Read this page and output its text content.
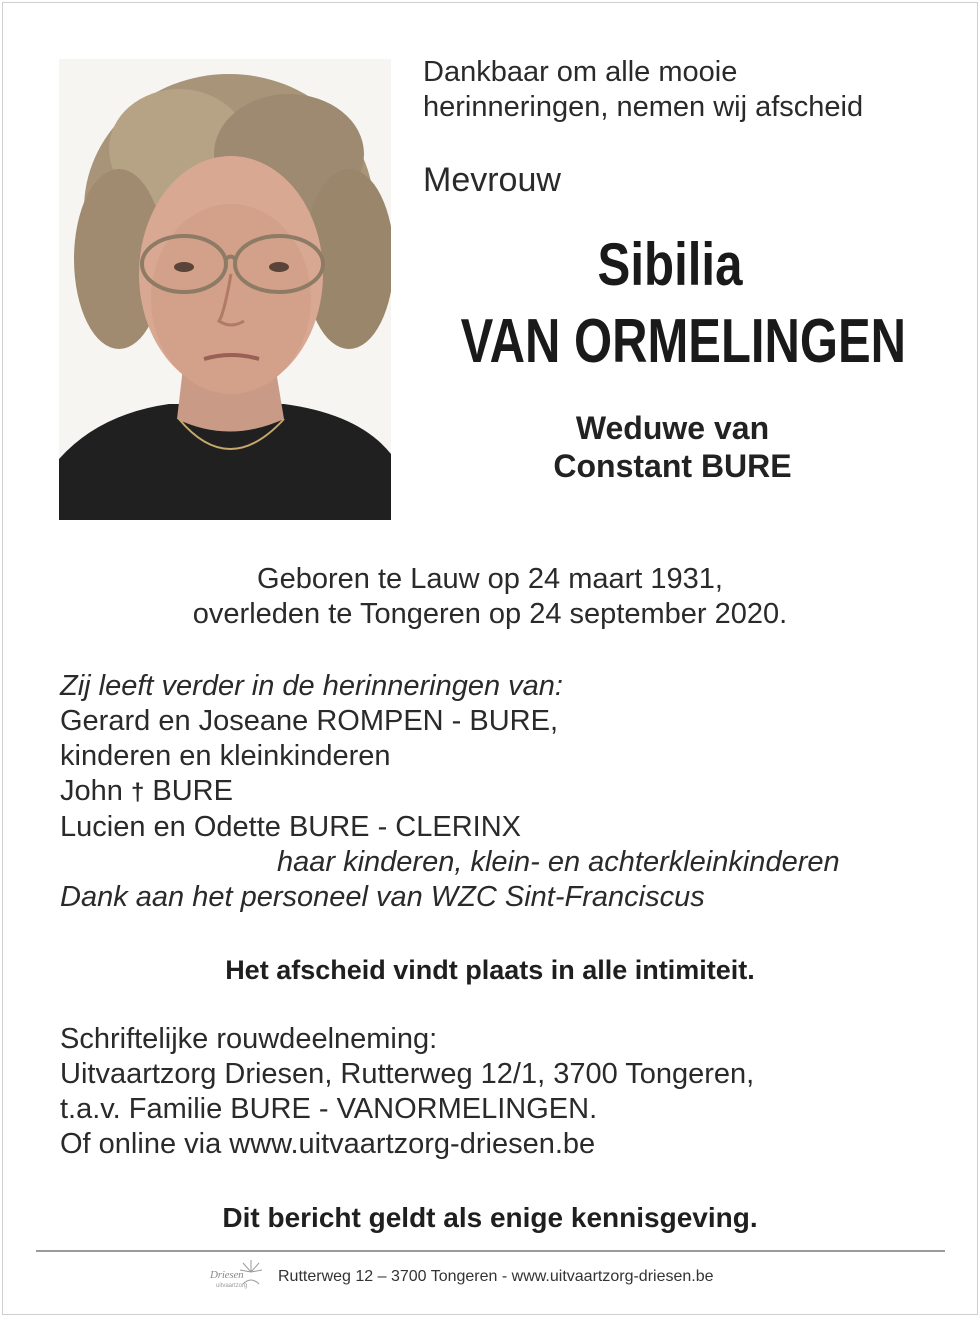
Dankbaar om alle mooie
herinneringen, nemen wij afscheid
Mevrouw
Sibilia
VAN ORMELINGEN
Weduwe van
Constant BURE
Geboren te Lauw op 24 maart 1931,
overleden te Tongeren op 24 september 2020.
Zij leeft verder in de herinneringen van:
Gerard en Joseane ROMPEN - BURE,
kinderen en kleinkinderen
John † BURE
Lucien en Odette BURE - CLERINX
haar kinderen, klein- en achterkleinkinderen
Dank aan het personeel van WZC Sint-Franciscus
Het afscheid vindt plaats in alle intimiteit.
Schriftelijke rouwdeelneming:
Uitvaartzorg Driesen, Rutterweg 12/1, 3700 Tongeren,
t.a.v. Familie BURE - VANORMELINGEN.
Of online via www.uitvaartzorg-driesen.be
Dit bericht geldt als enige kennisgeving.
Driesen
uitvaartzorg
Rutterweg 12 – 3700 Tongeren - www.uitvaartzorg-driesen.be
